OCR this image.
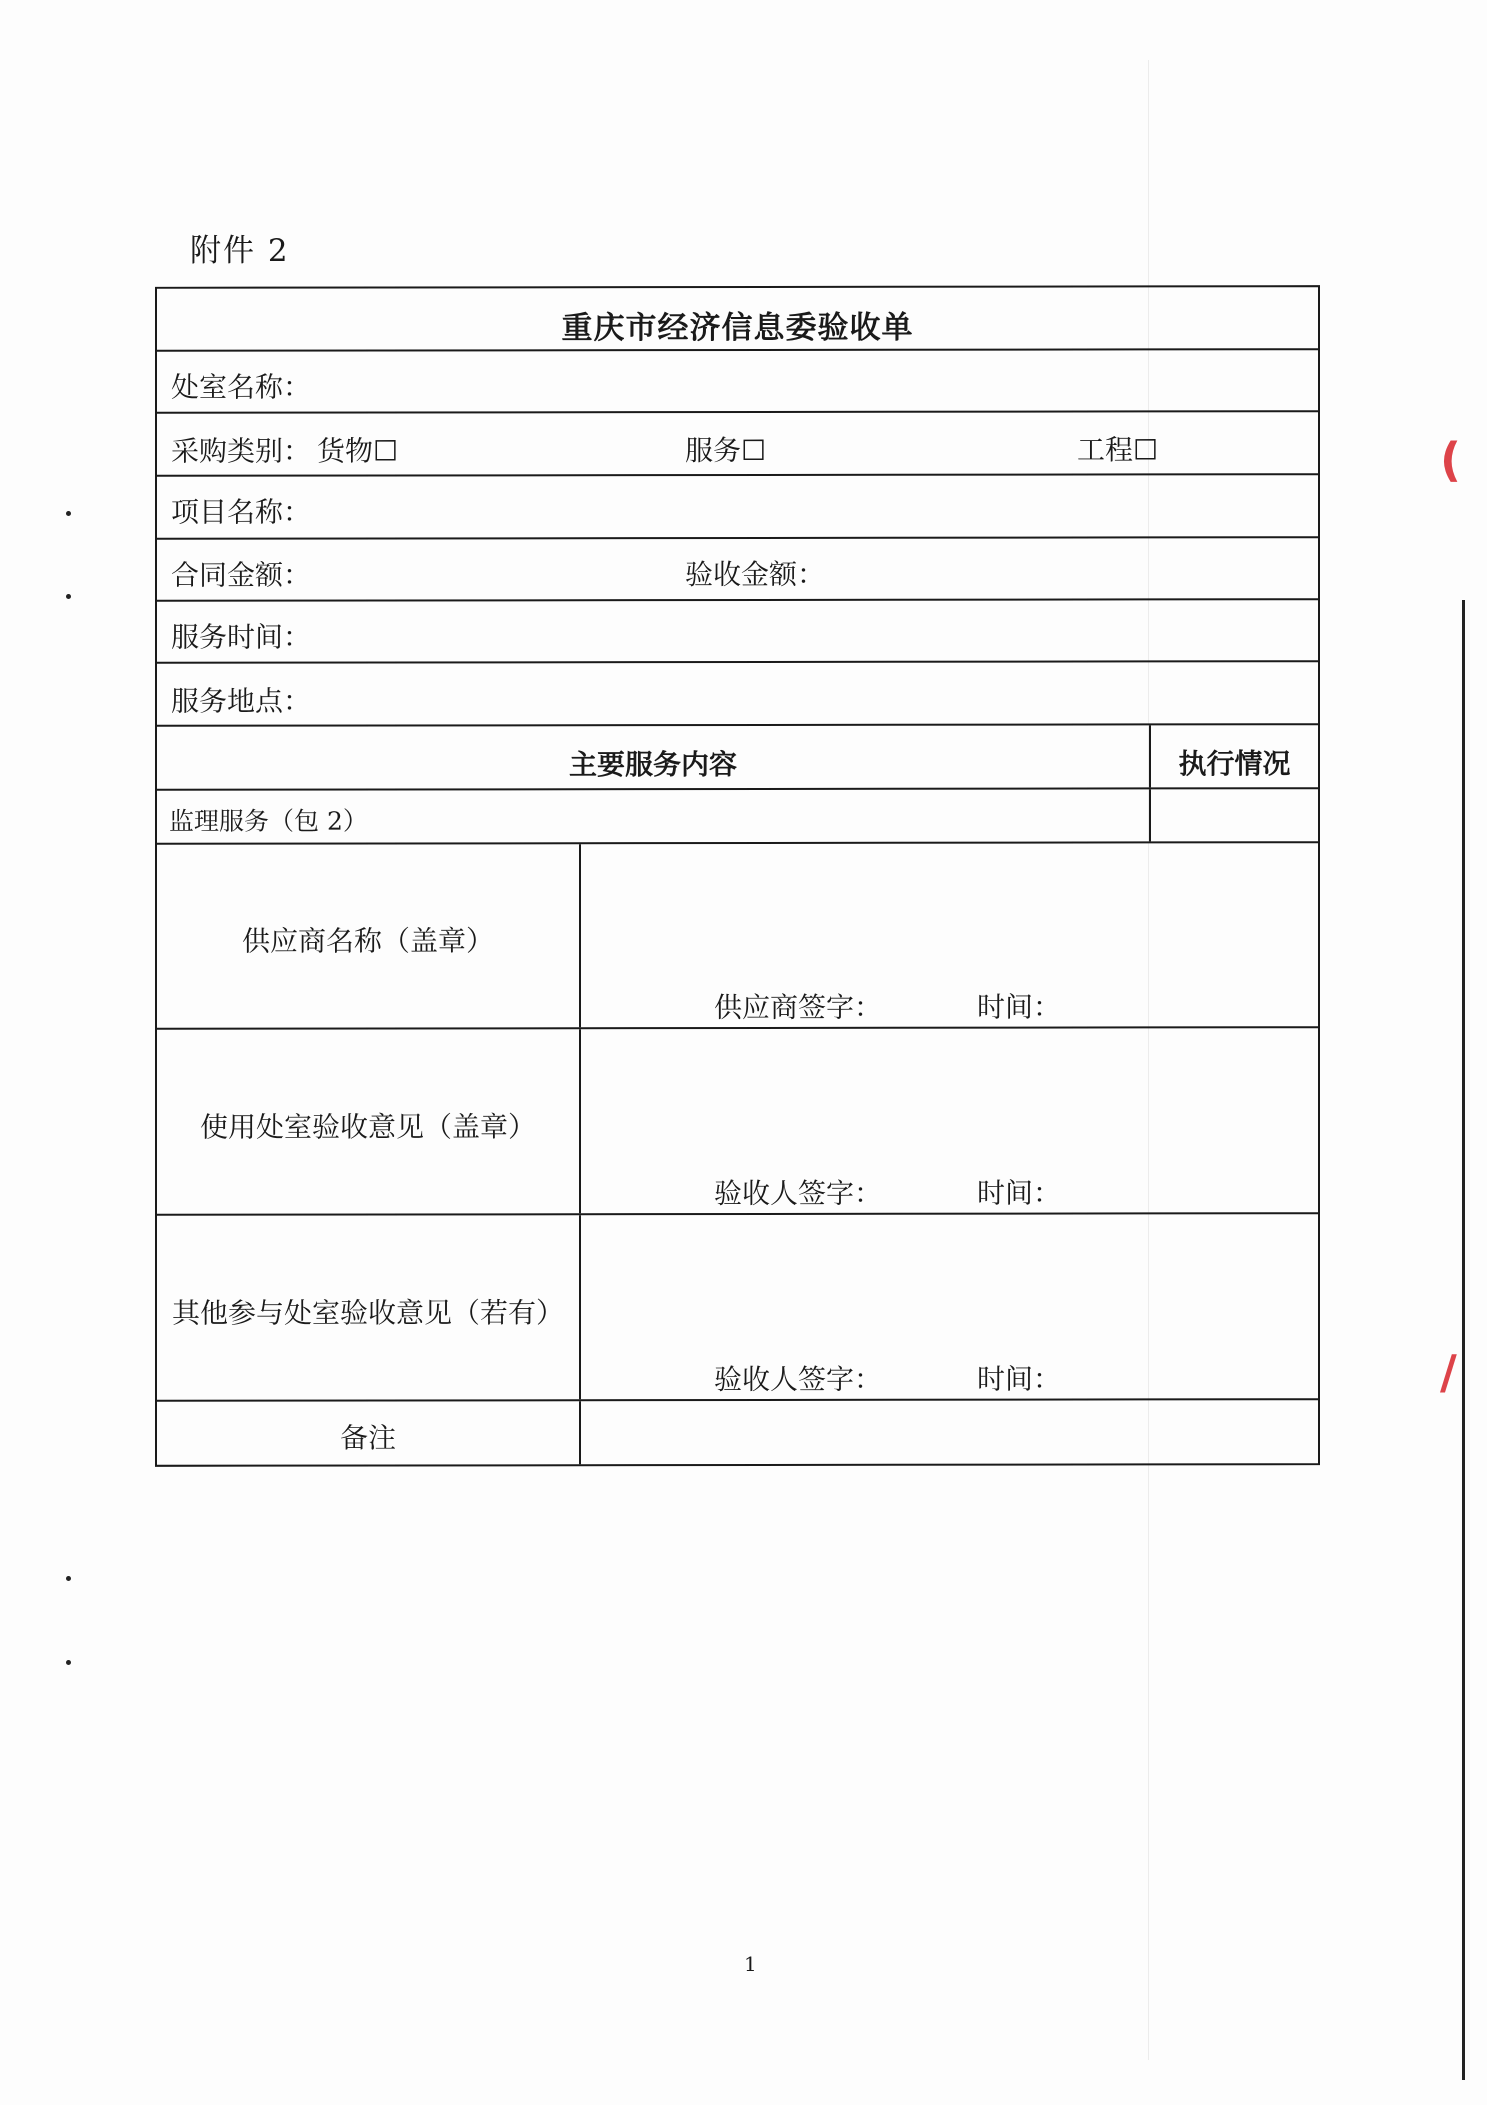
(
/
附件 2
重庆市经济信息委验收单
处室名称：
采购类别： 货物☐	服务☐	工程☐
项目名称：
合同金额：	验收金额：
服务时间：
服务地点：
主要服务内容	执行情况
监理服务（包 2）
供应商名称（盖章）
供应商签字：	时间：
使用处室验收意见（盖章）
验收人签字：	时间：
其他参与处室验收意见（若有）
验收人签字：	时间：
备注
1
